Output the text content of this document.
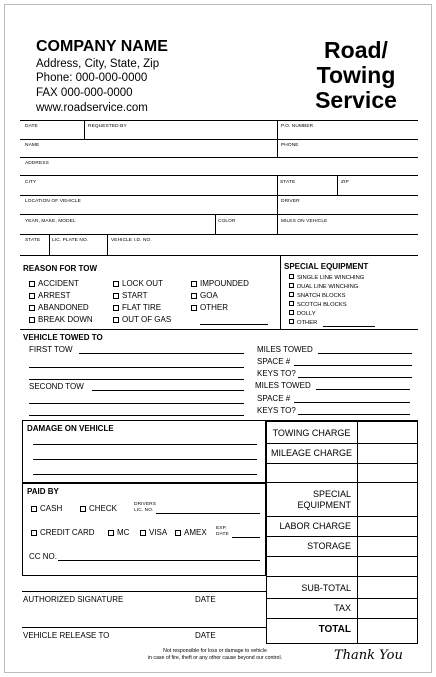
COMPANY NAME
Address, City, State, Zip
Phone: 000-000-0000
FAX 000-000-0000
www.roadservice.com
Road/
Towing
Service
DATE	REQUESTED BY	P.O. NUMBER
NAME	PHONE
ADDRESS
CITY	STATE	ZIP
LOCATION OF VEHICLE	DRIVER
YEAR, MAKE, MODEL	COLOR	MILES ON VEHICLE
STATE LIC. PLATE NO.	VEHICLE I.D. NO.
REASON FOR TOW
ACCIDENT
ARREST
ABANDONED
BREAK DOWN
LOCK OUT
START
FLAT TIRE
OUT OF GAS
IMPOUNDED
GOA
OTHER
SPECIAL EQUIPMENT
SINGLE LINE WINCHING
DUAL LINE WINCHING
SNATCH BLOCKS
SCOTCH BLOCKS
DOLLY
OTHER
VEHICLE TOWED TO
FIRST TOW	MILES TOWED
SPACE #
KEYS TO?
SECOND TOW	MILES TOWED
SPACE #
KEYS TO?
DAMAGE ON VEHICLE
PAID BY
CASH	CHECK	DRIVERS
LIC. NO.
CREDIT CARD	MC	VISA	AMEX EXP.
DATE
CC NO.
TOWING CHARGE
MILEAGE CHARGE
SPECIAL
EQUIPMENT
LABOR CHARGE
STORAGE
SUB-TOTAL
TAX
TOTAL
AUTHORIZED SIGNATURE	DATE
VEHICLE RELEASE TO	DATE
Not responsible for loss or damage to vehicle
in case of fire, theft or any other cause beyond our control.	Thank You
